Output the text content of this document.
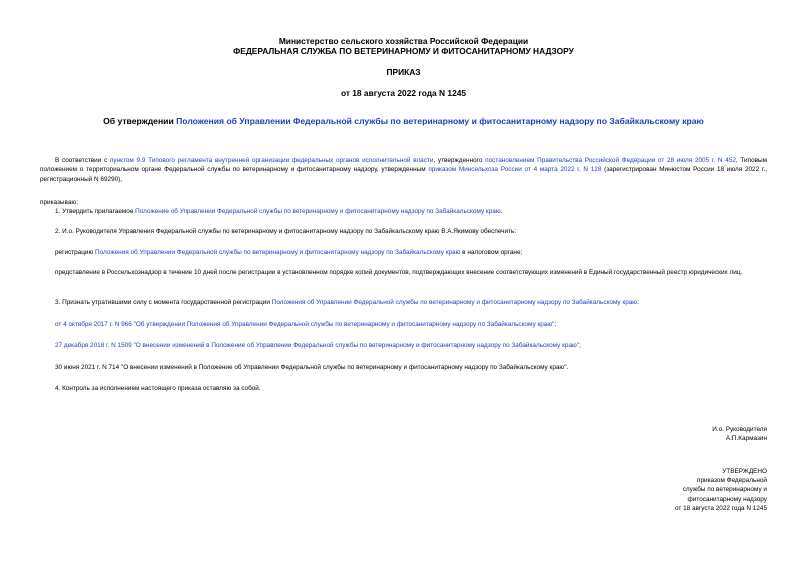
Министерство сельского хозяйства Российской Федерации
ФЕДЕРАЛЬНАЯ СЛУЖБА ПО ВЕТЕРИНАРНОМУ И ФИТОСАНИТАРНОМУ НАДЗОРУ
ПРИКАЗ
от 18 августа 2022 года N 1245
Об утверждении Положения об Управлении Федеральной службы по ветеринарному и фитосанитарному надзору по Забайкальскому краю
В соответствии с пунктом 9.9 Типового регламента внутренней организации федеральных органов исполнительной власти, утвержденного постановлением Правительства Российской Федерации от 28 июля 2005 г. N 452, Типовым положением о территориальном органе Федеральной службы по ветеринарному и фитосанитарному надзору, утвержденным приказом Минсельхоза России от 4 марта 2022 г. N 128 (зарегистрирован Минюстом России 18 июля 2022 г., регистрационный N 69290),
приказываю:
1. Утвердить прилагаемое Положение об Управлении Федеральной службы по ветеринарному и фитосанитарному надзору по Забайкальскому краю.
2. И.о. Руководителя Управления Федеральной службы по ветеринарному и фитосанитарному надзору по Забайкальскому краю В.А.Якимову обеспечить:
регистрацию Положения об Управлении Федеральной службы по ветеринарному и фитосанитарному надзору по Забайкальскому краю в налоговом органе;
представление в Россельхознадзор в течение 10 дней после регистрации в установленном порядке копий документов, подтверждающих внесение соответствующих изменений в Единый государственный реестр юридических лиц.
3. Признать утратившими силу с момента государственной регистрации Положения об Управлении Федеральной службы по ветеринарному и фитосанитарному надзору по Забайкальскому краю:
от 4 октября 2017 г. N 966 "Об утверждении Положения об Управлении Федеральной службы по ветеринарному и фитосанитарному надзору по Забайкальскому краю";
27 декабря 2018 г. N 1509 "О внесении изменений в Положение об Управлении Федеральной службы по ветеринарному и фитосанитарному надзору по Забайкальскому краю";
30 июня 2021 г. N 714 "О внесении изменений в Положение об Управлении Федеральной службы по ветеринарному и фитосанитарному надзору по Забайкальскому краю".
4. Контроль за исполнением настоящего приказа оставляю за собой.
И.о. Руководителя
А.П.Кармазин
УТВЕРЖДЕНО
приказом Федеральной
службы по ветеринарному и
фитосанитарному надзору
от 18 августа 2022 года N 1245
